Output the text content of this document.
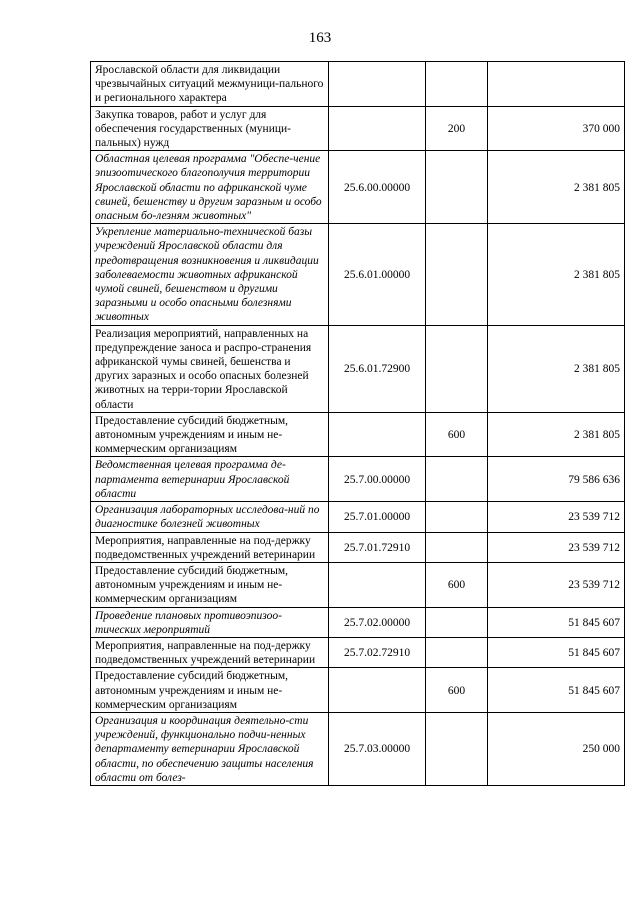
163
Ярославской области для ликвидации чрезвычайных ситуаций межмуници-пального и регионального характера			
Закупка товаров, работ и услуг для обеспечения государственных (муници-пальных) нужд		200	370 000
Областная целевая программа "Обеспе-чение эпизоотического благополучия территории Ярославской области по африканской чуме свиней, бешенству и другим заразным и особо опасным бо-лезням животных"	25.6.00.00000		2 381 805
Укрепление материально-технической базы учреждений Ярославской области для предотвращения возникновения и ликвидации заболеваемости животных африканской чумой свиней, бешенством и другими заразными и особо опасными болезнями животных	25.6.01.00000		2 381 805
Реализация мероприятий, направленных на предупреждение заноса и распро-странения африканской чумы свиней, бешенства и других заразных и особо опасных болезней животных на терри-тории Ярославской области	25.6.01.72900		2 381 805
Предоставление субсидий бюджетным, автономным учреждениям и иным не-коммерческим организациям		600	2 381 805
Ведомственная целевая программа де-партамента ветеринарии Ярославской области	25.7.00.00000		79 586 636
Организация лабораторных исследова-ний по диагностике болезней животных	25.7.01.00000		23 539 712
Мероприятия, направленные на под-держку подведомственных учреждений ветеринарии	25.7.01.72910		23 539 712
Предоставление субсидий бюджетным, автономным учреждениям и иным не-коммерческим организациям		600	23 539 712
Проведение плановых противоэпизоо-тических мероприятий	25.7.02.00000		51 845 607
Мероприятия, направленные на под-держку подведомственных учреждений ветеринарии	25.7.02.72910		51 845 607
Предоставление субсидий бюджетным, автономным учреждениям и иным не-коммерческим организациям		600	51 845 607
Организация и координация деятельно-сти учреждений, функционально подчи-ненных департаменту ветеринарии Ярославской области, по обеспечению защиты населения области от болез-	25.7.03.00000		250 000
